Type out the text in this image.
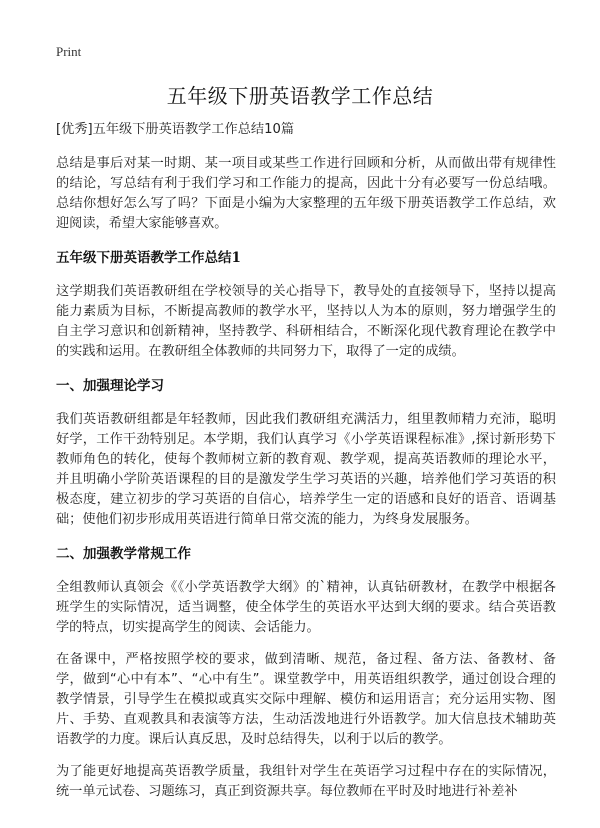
Print
五年级下册英语教学工作总结

[优秀]五年级下册英语教学工作总结10篇

总结是事后对某一时期、某一项目或某些工作进行回顾和分析，从而做出带有规律性的结论，写总结有利于我们学习和工作能力的提高，因此十分有必要写一份总结哦。总结你想好怎么写了吗？下面是小编为大家整理的五年级下册英语教学工作总结，欢迎阅读，希望大家能够喜欢。

五年级下册英语教学工作总结1

这学期我们英语教研组在学校领导的关心指导下，教导处的直接领导下，坚持以提高能力素质为目标，不断提高教师的教学水平，坚持以人为本的原则，努力增强学生的自主学习意识和创新精神，坚持教学、科研相结合，不断深化现代教育理论在教学中的实践和运用。在教研组全体教师的共同努力下，取得了一定的成绩。

一、加强理论学习

我们英语教研组都是年轻教师，因此我们教研组充满活力，组里教师精力充沛，聪明好学，工作干劲特别足。本学期，我们认真学习《小学英语课程标准》,探讨新形势下教师角色的转化，使每个教师树立新的教育观、教学观，提高英语教师的理论水平，并且明确小学阶英语课程的目的是激发学生学习英语的兴趣，培养他们学习英语的积极态度，建立初步的学习英语的自信心，培养学生一定的语感和良好的语音、语调基础；使他们初步形成用英语进行简单日常交流的能力，为终身发展服务。

二、加强教学常规工作

全组教师认真领会《《小学英语教学大纲》的`精神，认真钻研教材，在教学中根据各班学生的实际情况，适当调整，使全体学生的英语水平达到大纲的要求。结合英语教学的特点，切实提高学生的阅读、会话能力。

在备课中，严格按照学校的要求，做到清晰、规范，备过程、备方法、备教材、备学，做到“心中有本”、“心中有生”。课堂教学中，用英语组织教学，通过创设合理的教学情景，引导学生在模拟或真实交际中理解、模仿和运用语言；充分运用实物、图片、手势、直观教具和表演等方法，生动活泼地进行外语教学。加大信息技术辅助英语教学的力度。课后认真反思，及时总结得失，以利于以后的教学。

为了能更好地提高英语教学质量，我组针对学生在英语学习过程中存在的实际情况，统一单元试卷、习题练习，真正到资源共享。每位教师在平时及时地进行补差补
